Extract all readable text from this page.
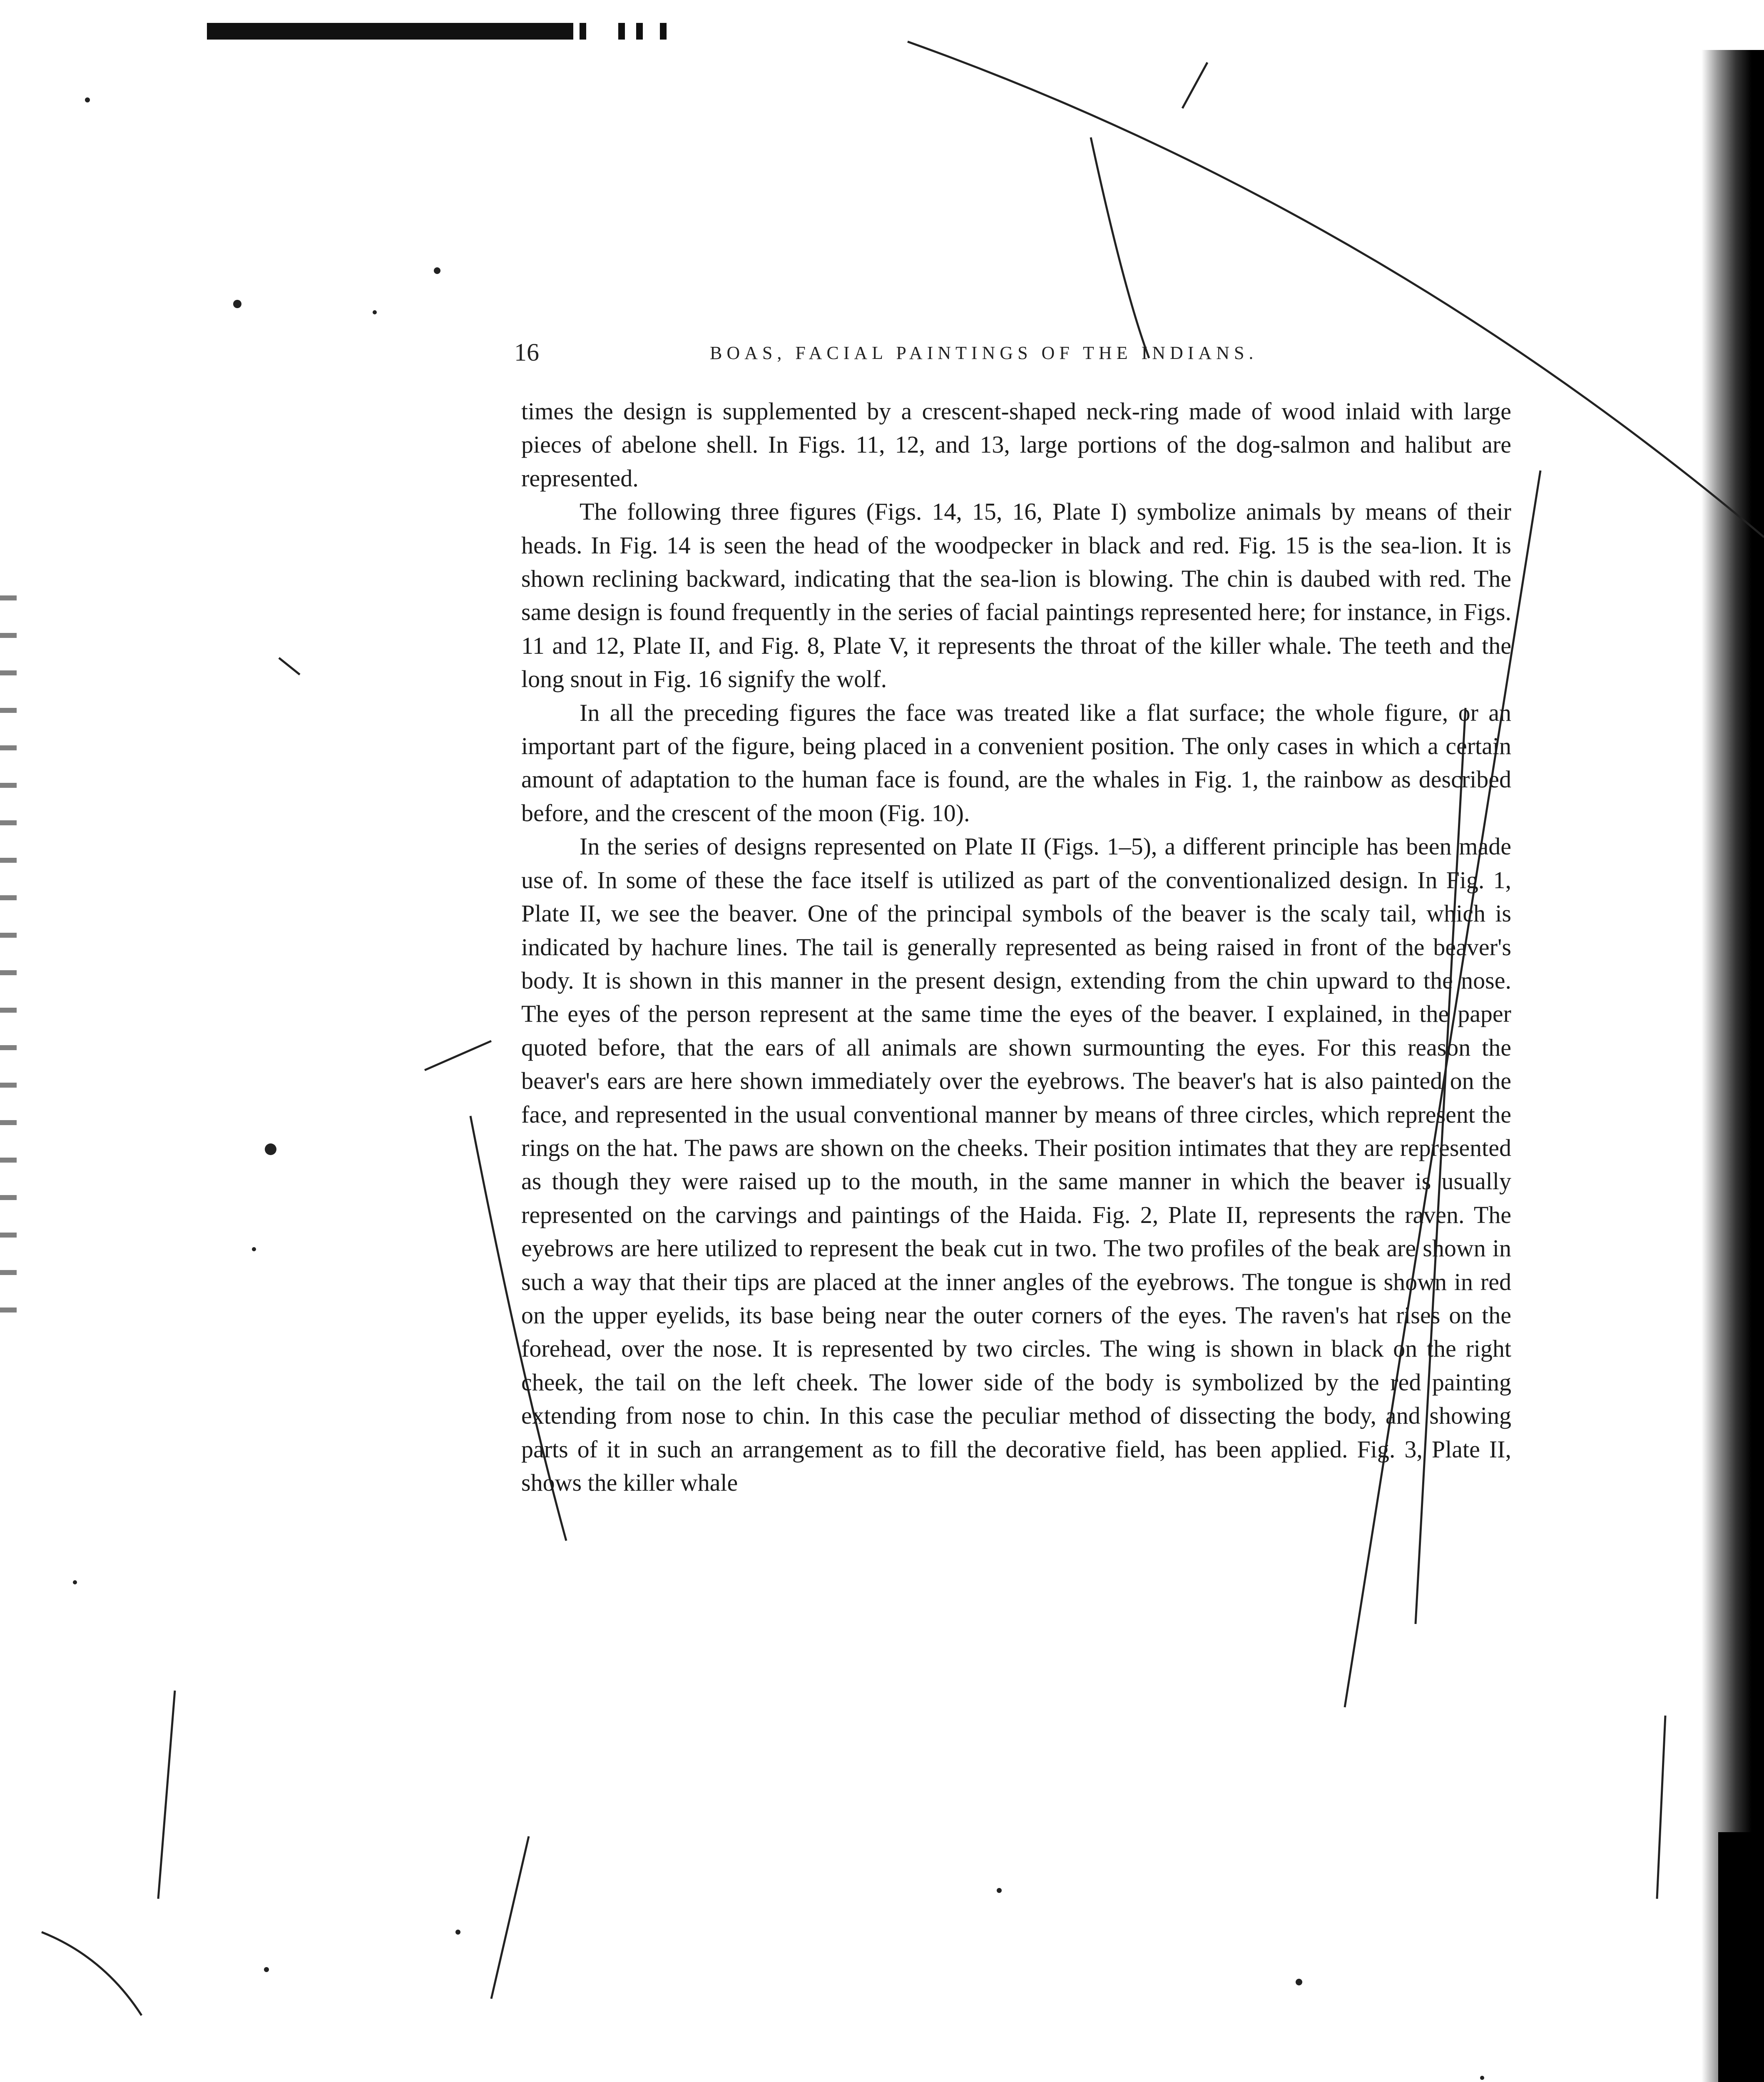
16	BOAS, FACIAL PAINTINGS OF THE INDIANS.

times the design is supplemented by a crescent-shaped neck-ring made of wood inlaid with large pieces of abelone shell. In Figs. 11, 12, and 13, large portions of the dog-salmon and halibut are represented.

The following three figures (Figs. 14, 15, 16, Plate I) symbolize animals by means of their heads. In Fig. 14 is seen the head of the woodpecker in black and red. Fig. 15 is the sea-lion. It is shown reclining backward, indicating that the sea-lion is blowing. The chin is daubed with red. The same design is found frequently in the series of facial paintings represented here; for instance, in Figs. 11 and 12, Plate II, and Fig. 8, Plate V, it represents the throat of the killer whale. The teeth and the long snout in Fig. 16 signify the wolf.

In all the preceding figures the face was treated like a flat surface; the whole figure, or an important part of the figure, being placed in a convenient position. The only cases in which a certain amount of adaptation to the human face is found, are the whales in Fig. 1, the rainbow as described before, and the crescent of the moon (Fig. 10).

In the series of designs represented on Plate II (Figs. 1–5), a different principle has been made use of. In some of these the face itself is utilized as part of the conventionalized design. In Fig. 1, Plate II, we see the beaver. One of the principal symbols of the beaver is the scaly tail, which is indicated by hachure lines. The tail is generally represented as being raised in front of the beaver's body. It is shown in this manner in the present design, extending from the chin upward to the nose. The eyes of the person represent at the same time the eyes of the beaver. I explained, in the paper quoted before, that the ears of all animals are shown surmounting the eyes. For this reason the beaver's ears are here shown immediately over the eyebrows. The beaver's hat is also painted on the face, and represented in the usual conventional manner by means of three circles, which represent the rings on the hat. The paws are shown on the cheeks. Their position intimates that they are represented as though they were raised up to the mouth, in the same manner in which the beaver is usually represented on the carvings and paintings of the Haida. Fig. 2, Plate II, represents the raven. The eyebrows are here utilized to represent the beak cut in two. The two profiles of the beak are shown in such a way that their tips are placed at the inner angles of the eyebrows. The tongue is shown in red on the upper eyelids, its base being near the outer corners of the eyes. The raven's hat rises on the forehead, over the nose. It is represented by two circles. The wing is shown in black on the right cheek, the tail on the left cheek. The lower side of the body is symbolized by the red painting extending from nose to chin. In this case the peculiar method of dissecting the body, and showing parts of it in such an arrangement as to fill the decorative field, has been applied. Fig. 3, Plate II, shows the killer whale
